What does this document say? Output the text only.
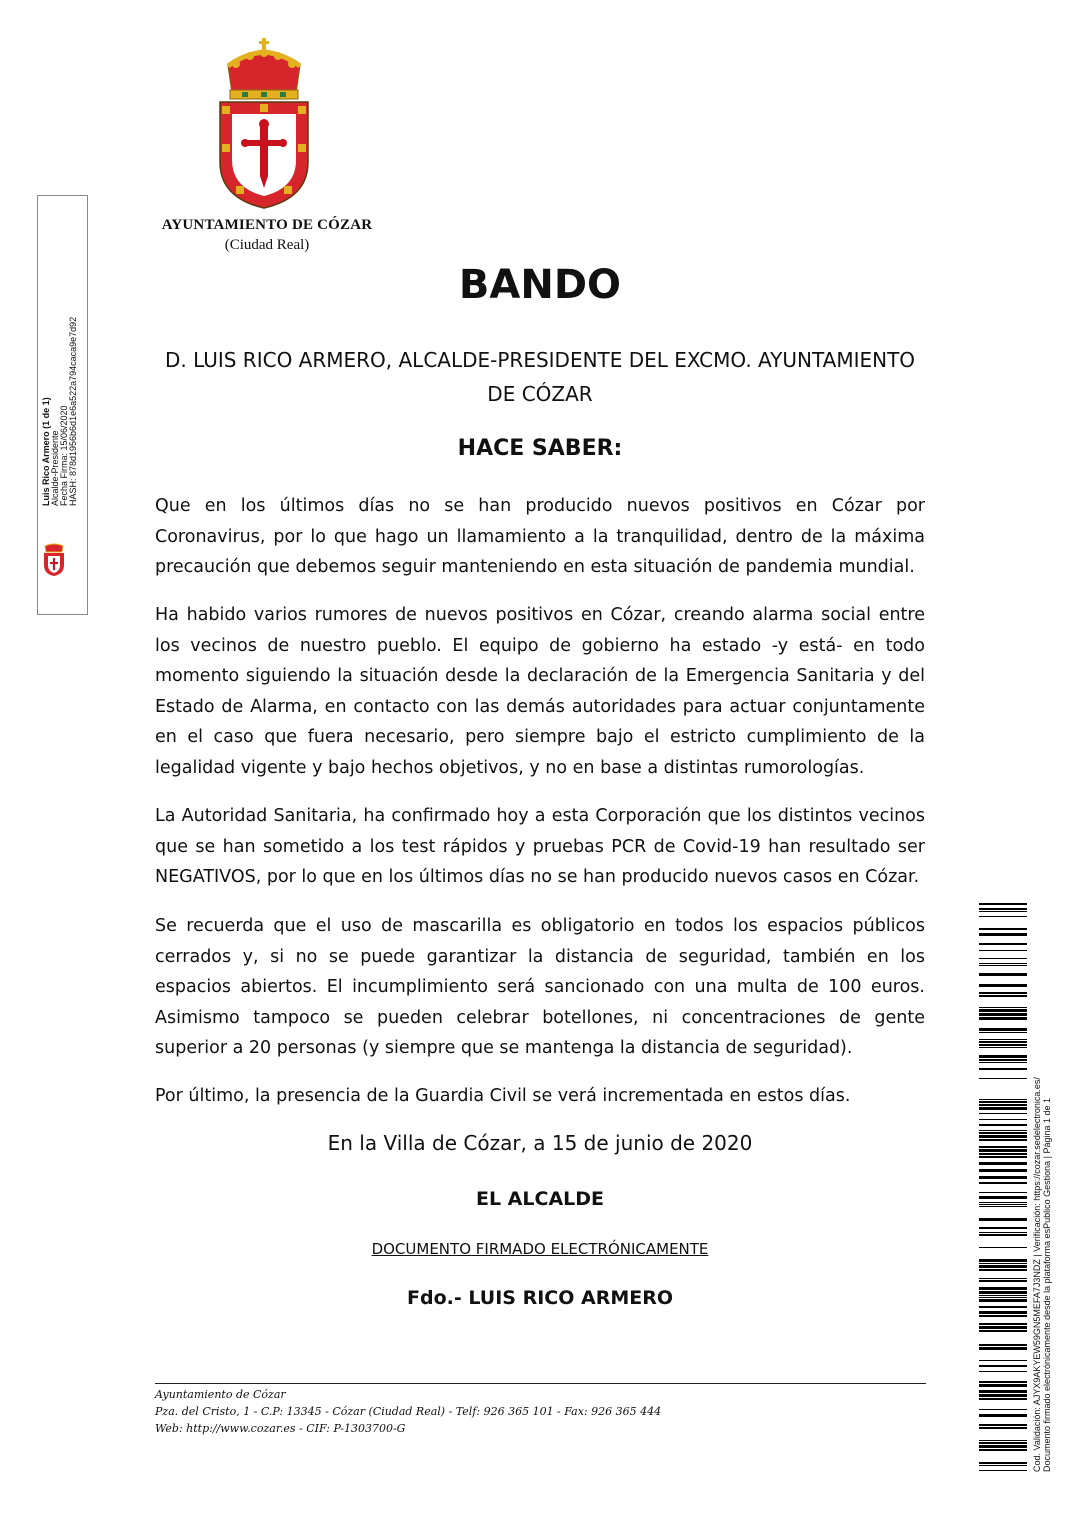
AYUNTAMIENTO DE CÓZAR
(Ciudad Real)
BANDO
D. LUIS RICO ARMERO, ALCALDE-PRESIDENTE DEL EXCMO. AYUNTAMIENTO DE CÓZAR
HACE SABER:
Que en los últimos días no se han producido nuevos positivos en Cózar por Coronavirus, por lo que hago un llamamiento a la tranquilidad, dentro de la máxima precaución que debemos seguir manteniendo en esta situación de pandemia mundial.
Ha habido varios rumores de nuevos positivos en Cózar, creando alarma social entre los vecinos de nuestro pueblo. El equipo de gobierno ha estado -y está- en todo momento siguiendo la situación desde la declaración de la Emergencia Sanitaria y del Estado de Alarma, en contacto con las demás autoridades para actuar conjuntamente en el caso que fuera necesario, pero siempre bajo el estricto cumplimiento de la legalidad vigente y bajo hechos objetivos, y no en base a distintas rumorologías.
La Autoridad Sanitaria, ha confirmado hoy a esta Corporación que los distintos vecinos que se han sometido a los test rápidos y pruebas PCR de Covid-19 han resultado ser NEGATIVOS, por lo que en los últimos días no se han producido nuevos casos en Cózar.
Se recuerda que el uso de mascarilla es obligatorio en todos los espacios públicos cerrados y, si no se puede garantizar la distancia de seguridad, también en los espacios abiertos. El incumplimiento será sancionado con una multa de 100 euros. Asimismo tampoco se pueden celebrar botellones, ni concentraciones de gente superior a 20 personas (y siempre que se mantenga la distancia de seguridad).
Por último, la presencia de la Guardia Civil se verá incrementada en estos días.
En la Villa de Cózar, a 15 de junio de 2020
EL ALCALDE
DOCUMENTO FIRMADO ELECTRÓNICAMENTE
Fdo.- LUIS RICO ARMERO
Ayuntamiento de Cózar
Pza. del Cristo, 1 - C.P: 13345 - Cózar (Ciudad Real) - Telf: 926 365 101 - Fax: 926 365 444
Web: http://www.cozar.es - CIF: P-1303700-G
Luis Rico Armero (1 de 1) Alcalde-Presidente Fecha Firma: 15/06/2020 HASH: 878d1956b6d1e6a522a794caca9e7d92
Cod. Validación: AJYX9AKYEW59GN5MEFA7J3NDZ | Verificación: https://cozar.sedelectronica.es/ Documento firmado electrónicamente desde la plataforma esPublico Gestiona | Página 1 de 1
